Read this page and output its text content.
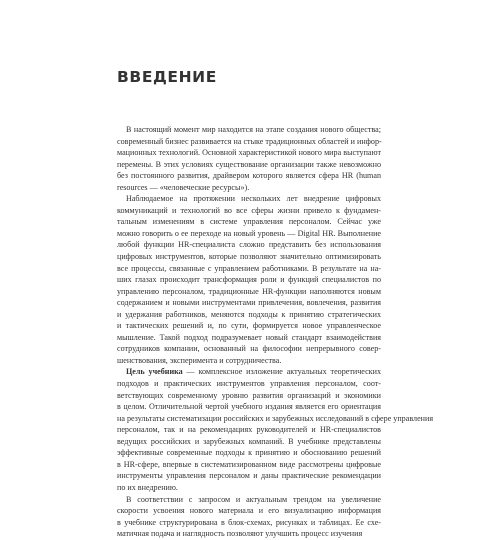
ВВЕДЕНИЕ
В настоящий момент мир находится на этапе создания нового общества;
современный бизнес развивается на стыке традиционных областей и инфор-
мационных технологий. Основной характеристикой нового мира выступают
перемены. В этих условиях существование организации также невозможно
без постоянного развития, драйвером которого является сфера HR (human
resources — «человеческие ресурсы»).
Наблюдаемое на протяжении нескольких лет внедрение цифровых
коммуникаций и технологий во все сферы жизни привело к фундамен-
тальным изменениям в системе управления персоналом. Сейчас уже
можно говорить о ее переходе на новый уровень — Digital HR. Выполнение
любой функции HR-специалиста сложно представить без использования
цифровых инструментов, которые позволяют значительно оптимизировать
все процессы, связанные с управлением работниками. В результате на на-
ших глазах происходит трансформация роли и функций специалистов по
управлению персоналом, традиционные HR-функции наполняются новым
содержанием и новыми инструментами привлечения, вовлечения, развития
и удержания работников, меняются подходы к принятию стратегических
и тактических решений и, по сути, формируется новое управленческое
мышление. Такой подход подразумевает новый стандарт взаимодействия
сотрудников компании, основанный на философии непрерывного совер-
шенствования, эксперимента и сотрудничества.
Цель учебника — комплексное изложение актуальных теоретических
подходов и практических инструментов управления персоналом, соот-
ветствующих современному уровню развития организаций и экономики
в целом. Отличительной чертой учебного издания является его ориентация
на результаты систематизации российских и зарубежных исследований в сфере управления
персоналом, так и на рекомендациях руководителей и HR-специалистов
ведущих российских и зарубежных компаний. В учебнике представлены
эффективные современные подходы к принятию и обоснованию решений
в HR-сфере, впервые в систематизированном виде рассмотрены цифровые
инструменты управления персоналом и даны практические рекомендации
по их внедрению.
В соответствии с запросом и актуальным трендом на увеличение
скорости усвоения нового материала и его визуализацию информация
в учебнике структурирована в блок-схемах, рисунках и таблицах. Ее схе-
матичная подача и наглядность позволяют улучшить процесс изучения
